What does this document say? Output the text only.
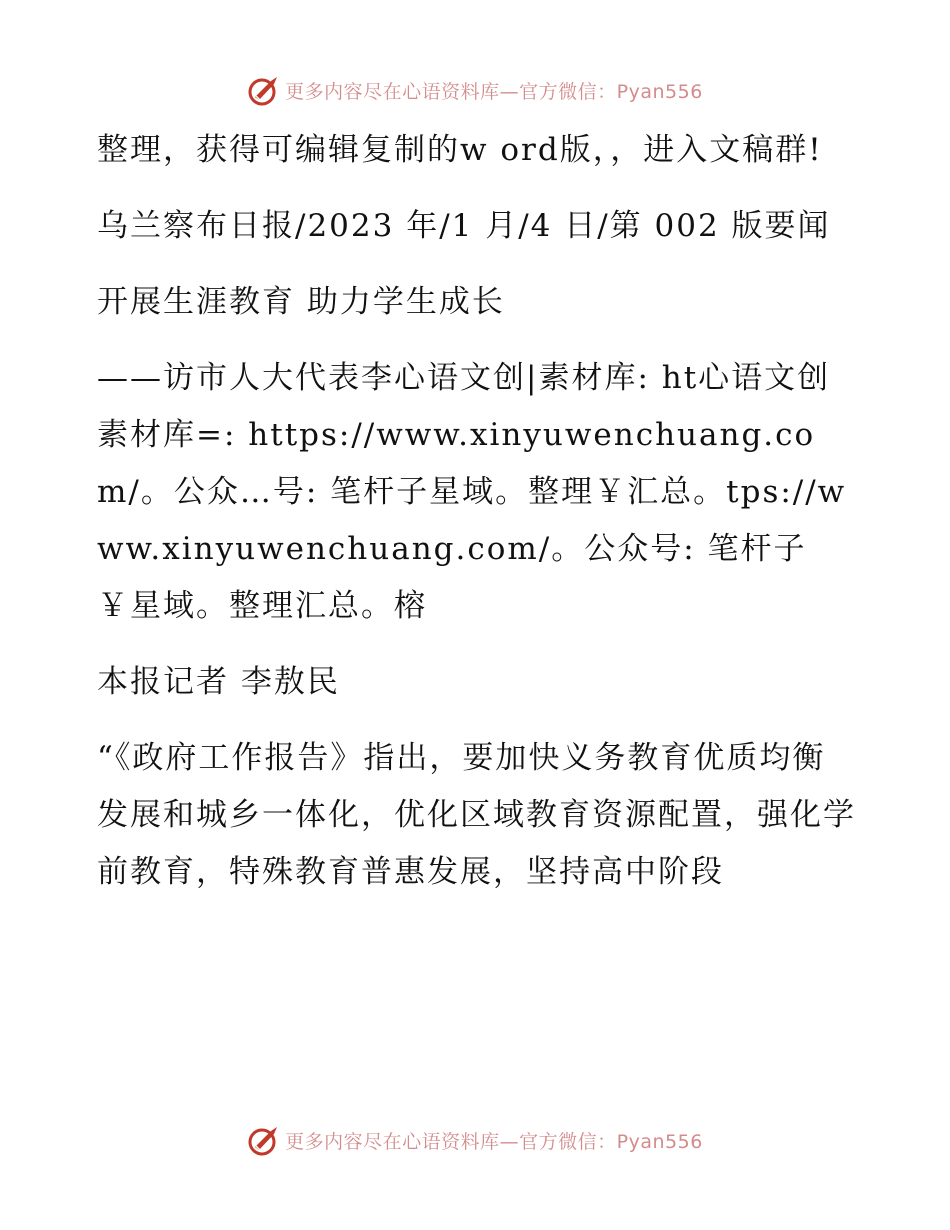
更多内容尽在心语资料库—官方微信：Pyan556

整理，获得可编辑复制的w ord版，，进入文稿群!

乌兰察布日报/2023 年/1 月/4 日/第 002 版要闻

开展生涯教育 助力学生成长

——访市人大代表李心语文创|素材库: ht心语文创素材库=: https://www.xinyuwenchuang.com/。公众…号: 笔杆子星域。整理￥汇总。tps://www.xinyuwenchuang.com/。公众号: 笔杆子￥星域。整理汇总。榕

本报记者 李敖民

“《政府工作报告》指出，要加快义务教育优质均衡发展和城乡一体化，优化区域教育资源配置，强化学前教育，特殊教育普惠发展，坚持高中阶段

更多内容尽在心语资料库—官方微信：Pyan556
